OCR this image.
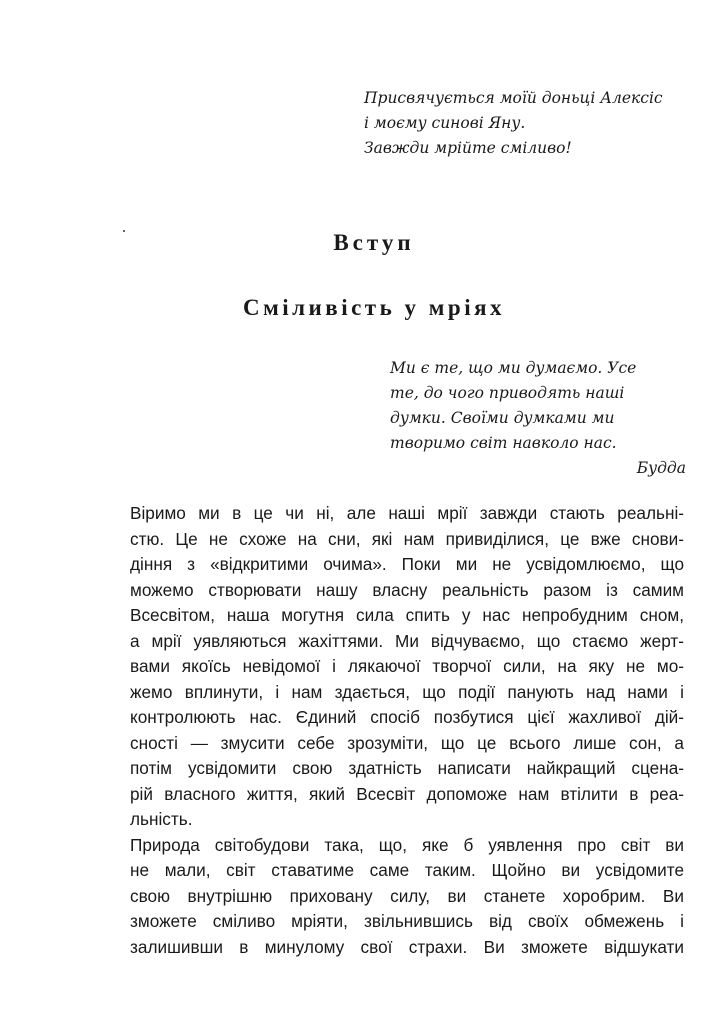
Присвячується моїй доньці Алексіс
і моєму синові Яну.
Завжди мрійте сміливо!
Вступ
Сміливість у мріях
Ми є те, що ми думаємо. Усе
те, до чого приводять наші
думки. Своїми думками ми
творимо світ навколо нас.
Будда
Віримо ми в це чи ні, але наші мрії завжди стають реальні-
стю. Це не схоже на сни, які нам привиділися, це вже снови-
діння з «відкритими очима». Поки ми не усвідомлюємо, що
можемо створювати нашу власну реальність разом із самим
Всесвітом, наша могутня сила спить у нас непробудним сном,
а мрії уявляються жахіттями. Ми відчуваємо, що стаємо жерт-
вами якоїсь невідомої і лякаючої творчої сили, на яку не мо-
жемо вплинути, і нам здається, що події панують над нами і
контролюють нас. Єдиний спосіб позбутися цієї жахливої дій-
сності — змусити себе зрозуміти, що це всього лише сон, а
потім усвідомити свою здатність написати найкращий сцена-
рій власного життя, який Всесвіт допоможе нам втілити в реа-
льність.
Природа світобудови така, що, яке б уявлення про світ ви
не мали, світ ставатиме саме таким. Щойно ви усвідомите
свою внутрішню приховану силу, ви станете хоробрим. Ви
зможете сміливо мріяти, звільнившись від своїх обмежень і
залишивши в минулому свої страхи. Ви зможете відшукати
